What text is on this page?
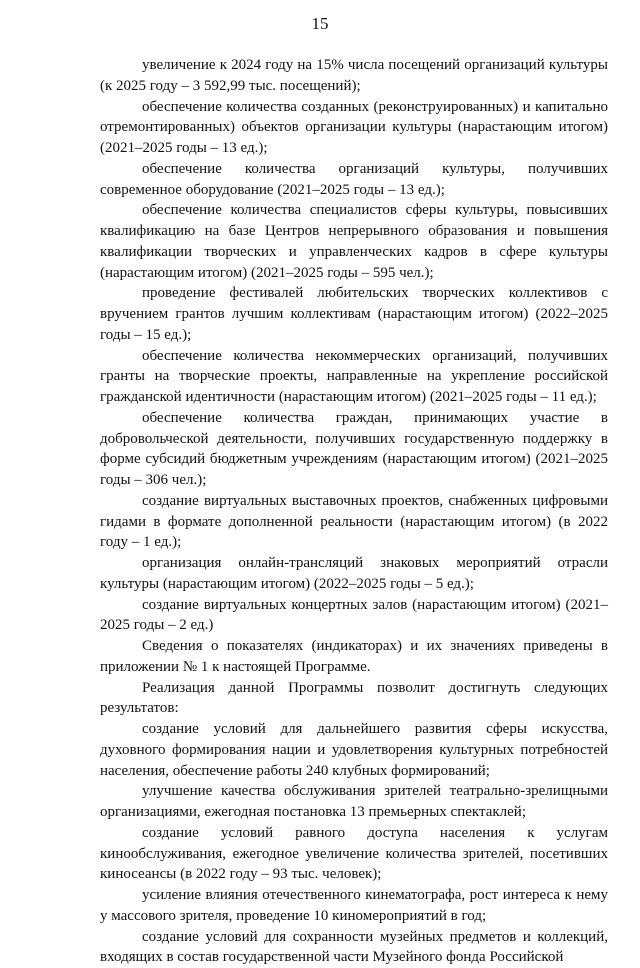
15

увеличение к 2024 году на 15% числа посещений организаций культуры (к 2025 году – 3 592,99 тыс. посещений);

обеспечение количества созданных (реконструированных) и капитально отремонтированных) объектов организации культуры (нарастающим итогом) (2021–2025 годы – 13 ед.);

обеспечение количества организаций культуры, получивших современное оборудование (2021–2025 годы – 13 ед.);

обеспечение количества специалистов сферы культуры, повысивших квалификацию на базе Центров непрерывного образования и повышения квалификации творческих и управленческих кадров в сфере культуры (нарастающим итогом) (2021–2025 годы – 595 чел.);

проведение фестивалей любительских творческих коллективов с вручением грантов лучшим коллективам (нарастающим итогом) (2022–2025 годы – 15 ед.);

обеспечение количества некоммерческих организаций, получивших гранты на творческие проекты, направленные на укрепление российской гражданской идентичности (нарастающим итогом) (2021–2025 годы – 11 ед.);

обеспечение количества граждан, принимающих участие в добровольческой деятельности, получивших государственную поддержку в форме субсидий бюджетным учреждениям (нарастающим итогом) (2021–2025 годы – 306 чел.);

создание виртуальных выставочных проектов, снабженных цифровыми гидами в формате дополненной реальности (нарастающим итогом) (в 2022 году – 1 ед.);

организация онлайн-трансляций знаковых мероприятий отрасли культуры (нарастающим итогом) (2022–2025 годы – 5 ед.);

создание виртуальных концертных залов (нарастающим итогом) (2021–2025 годы – 2 ед.)

Сведения о показателях (индикаторах) и их значениях приведены в приложении № 1 к настоящей Программе.

Реализация данной Программы позволит достигнуть следующих результатов:

создание условий для дальнейшего развития сферы искусства, духовного формирования нации и удовлетворения культурных потребностей населения, обеспечение работы 240 клубных формирований;

улучшение качества обслуживания зрителей театрально-зрелищными организациями, ежегодная постановка 13 премьерных спектаклей;

создание условий равного доступа населения к услугам кинообслуживания, ежегодное увеличение количества зрителей, посетивших киносеансы (в 2022 году – 93 тыс. человек);

усиление влияния отечественного кинематографа, рост интереса к нему у массового зрителя, проведение 10 киномероприятий в год;

создание условий для сохранности музейных предметов и коллекций, входящих в состав государственной части Музейного фонда Российской
